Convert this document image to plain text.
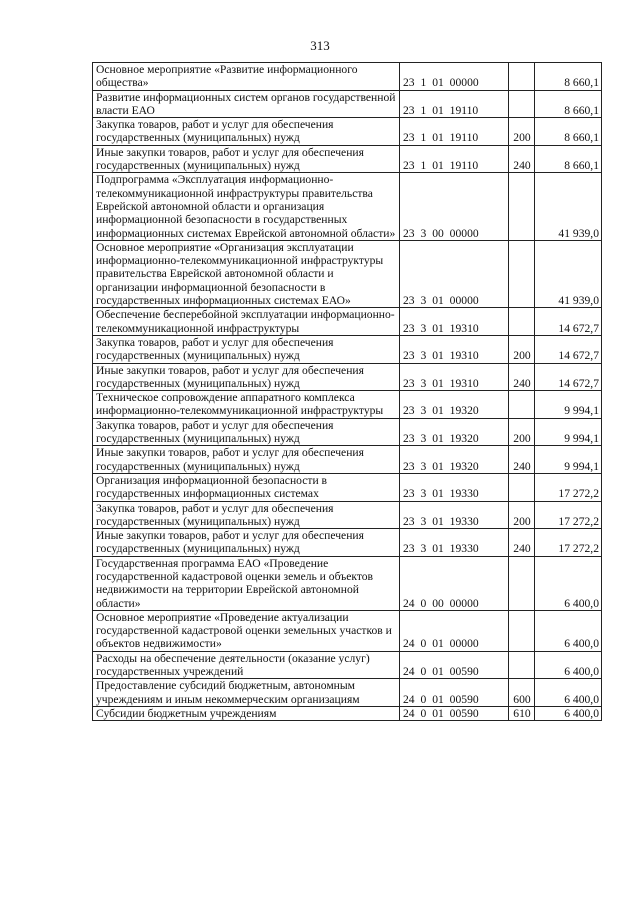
313
Основное мероприятие «Развитие информационного общества»	23 1 01 00000		8 660,1
Развитие информационных систем органов государственной власти ЕАО	23 1 01 19110		8 660,1
Закупка товаров, работ и услуг для обеспечения государственных (муниципальных) нужд	23 1 01 19110	200	8 660,1
Иные закупки товаров, работ и услуг для обеспечения государственных (муниципальных) нужд	23 1 01 19110	240	8 660,1
Подпрограмма «Эксплуатация информационно-телекоммуникационной инфраструктуры правительства Еврейской автономной области и организация информационной безопасности в государственных информационных системах Еврейской автономной области»	23 3 00 00000		41 939,0
Основное мероприятие «Организация эксплуатации информационно-телекоммуникационной инфраструктуры правительства Еврейской автономной области и организации информационной безопасности в государственных информационных системах ЕАО»	23 3 01 00000		41 939,0
Обеспечение бесперебойной эксплуатации информационно-телекоммуникационной инфраструктуры	23 3 01 19310		14 672,7
Закупка товаров, работ и услуг для обеспечения государственных (муниципальных) нужд	23 3 01 19310	200	14 672,7
Иные закупки товаров, работ и услуг для обеспечения государственных (муниципальных) нужд	23 3 01 19310	240	14 672,7
Техническое сопровождение аппаратного комплекса информационно-телекоммуникационной инфраструктуры	23 3 01 19320		9 994,1
Закупка товаров, работ и услуг для обеспечения государственных (муниципальных) нужд	23 3 01 19320	200	9 994,1
Иные закупки товаров, работ и услуг для обеспечения государственных (муниципальных) нужд	23 3 01 19320	240	9 994,1
Организация информационной безопасности в государственных информационных системах	23 3 01 19330		17 272,2
Закупка товаров, работ и услуг для обеспечения государственных (муниципальных) нужд	23 3 01 19330	200	17 272,2
Иные закупки товаров, работ и услуг для обеспечения государственных (муниципальных) нужд	23 3 01 19330	240	17 272,2
Государственная программа ЕАО «Проведение государственной кадастровой оценки земель и объектов недвижимости на территории Еврейской автономной области»	24 0 00 00000		6 400,0
Основное мероприятие «Проведение актуализации государственной кадастровой оценки земельных участков и объектов недвижимости»	24 0 01 00000		6 400,0
Расходы на обеспечение деятельности (оказание услуг) государственных учреждений	24 0 01 00590		6 400,0
Предоставление субсидий бюджетным, автономным учреждениям и иным некоммерческим организациям	24 0 01 00590	600	6 400,0
Субсидии бюджетным учреждениям	24 0 01 00590	610	6 400,0
